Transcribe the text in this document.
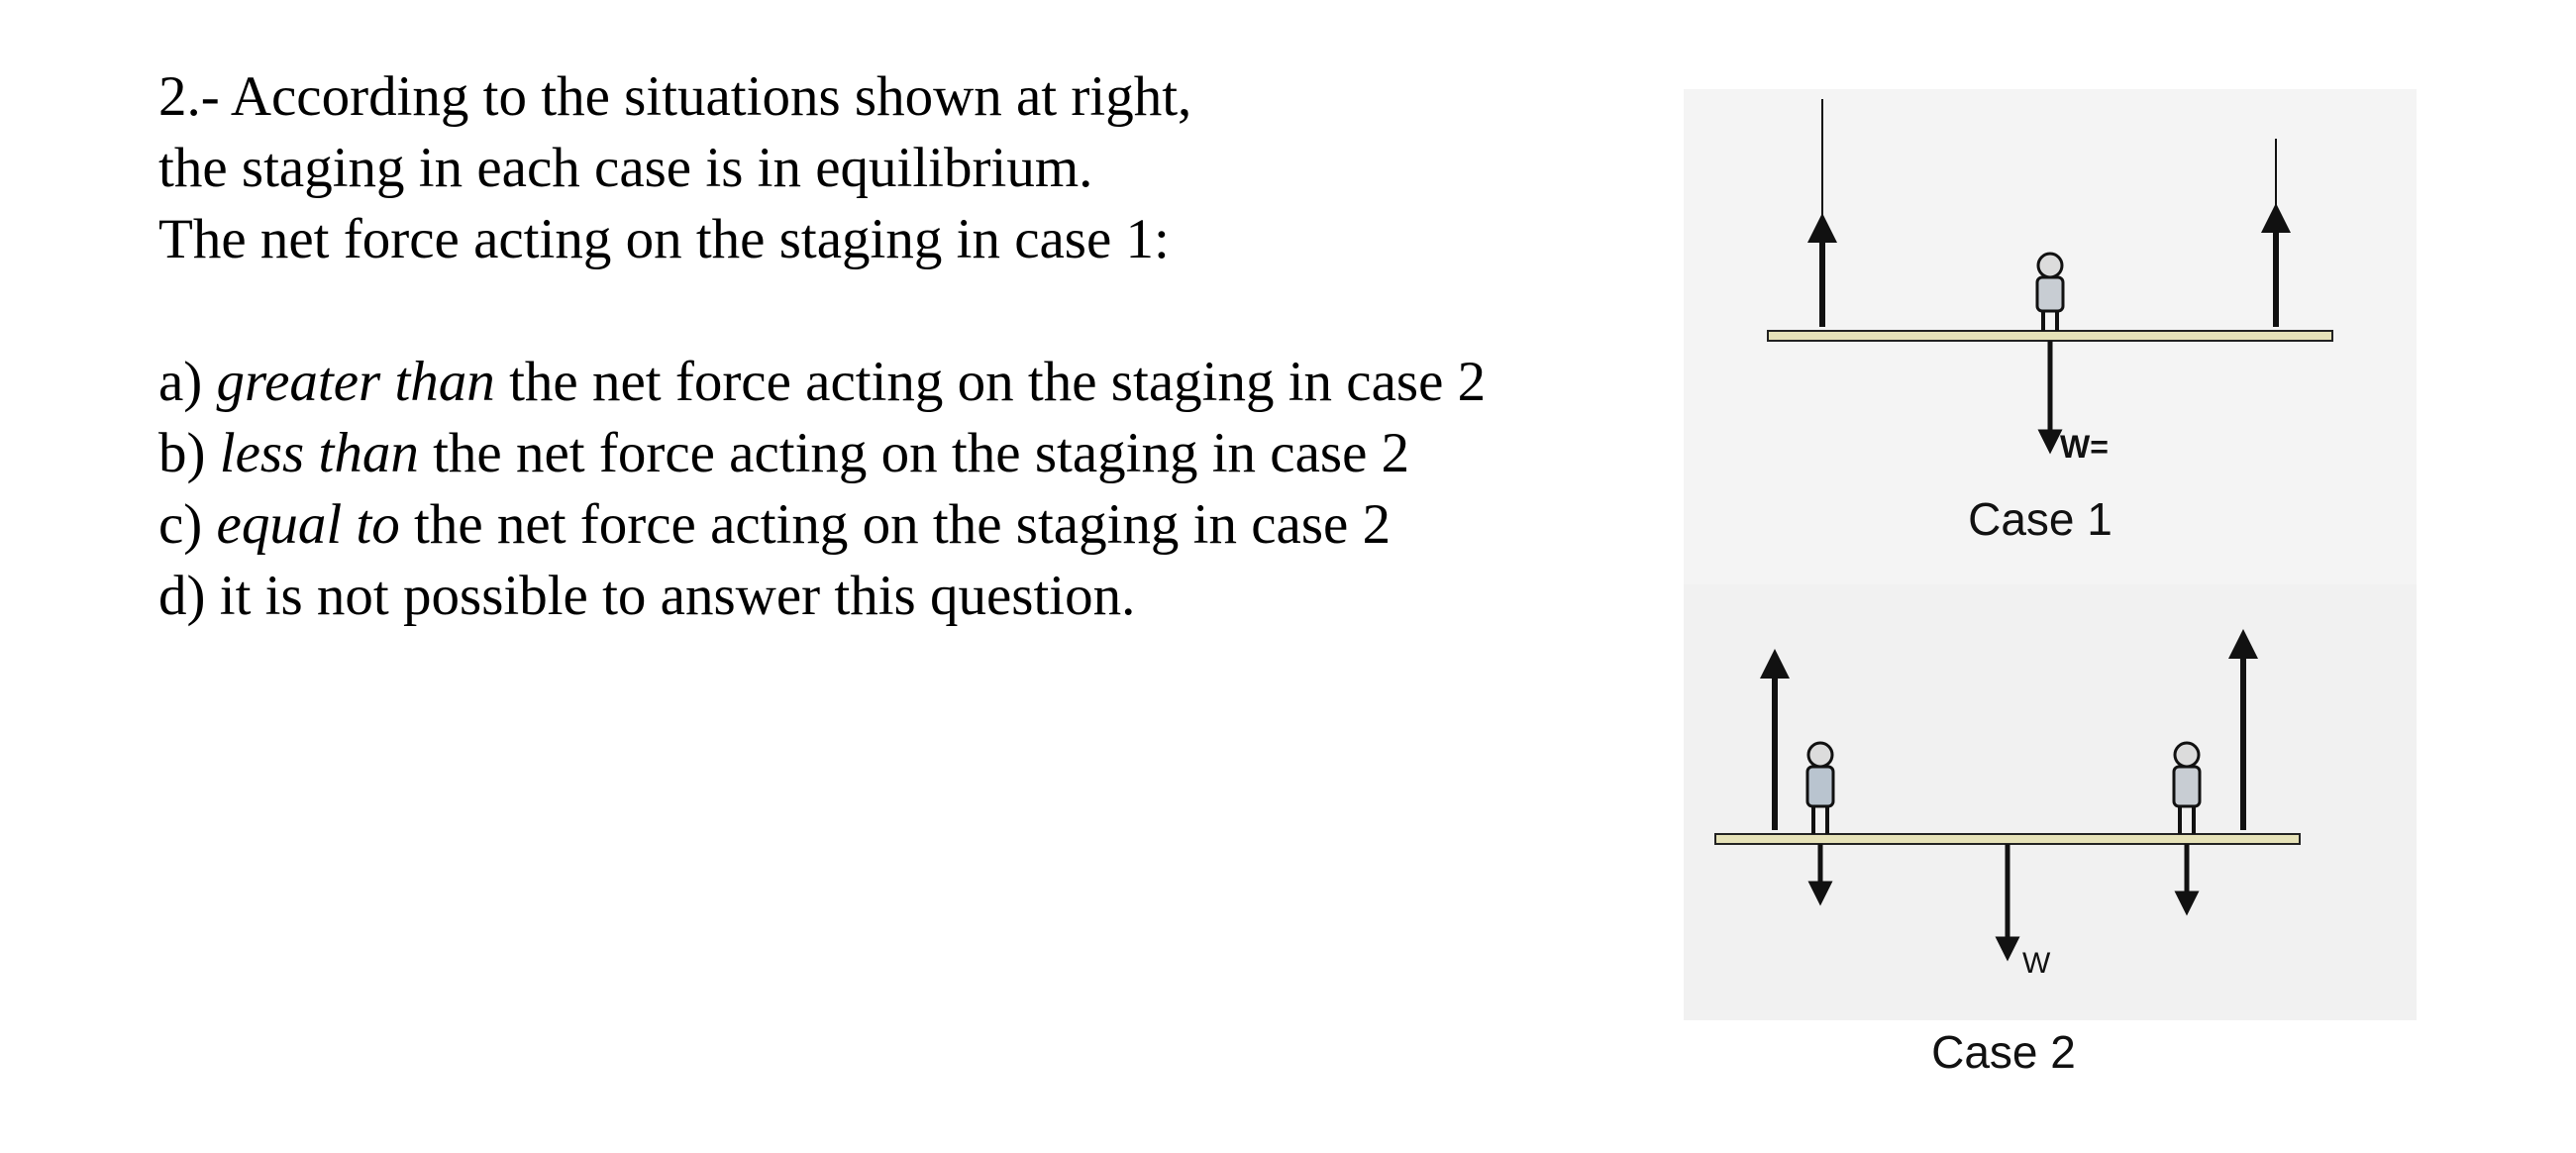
2.- According to the situations shown at right,

the staging in each case is in equilibrium.

The net force acting on the staging in case 1:

a) greater than the net force acting on the staging in case 2

b) less than the net force acting on the staging in case 2

c) equal to the net force acting on the staging in case 2

d) it is not possible to answer this question.

W=
Case 1
W
Case 2
